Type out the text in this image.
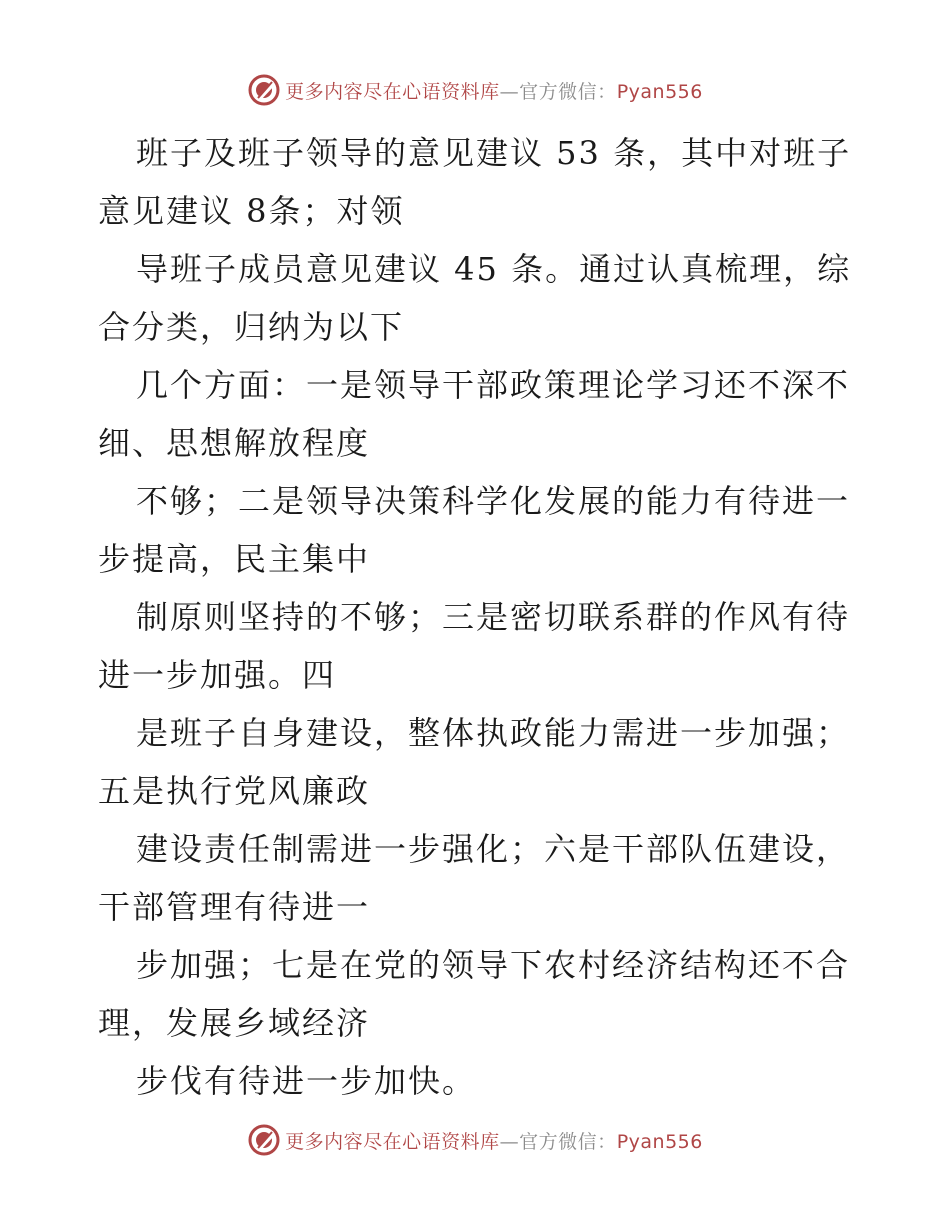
更多内容尽在心语资料库—官方微信：Pyan556

班子及班子领导的意见建议 53 条，其中对班子
意见建议 8条；对领

导班子成员意见建议 45 条。通过认真梳理，综
合分类，归纳为以下

几个方面：一是领导干部政策理论学习还不深不
细、思想解放程度

不够；二是领导决策科学化发展的能力有待进一
步提高，民主集中

制原则坚持的不够；三是密切联系群的作风有待
进一步加强。四

是班子自身建设，整体执政能力需进一步加强；
五是执行党风廉政

建设责任制需进一步强化；六是干部队伍建设，
干部管理有待进一

步加强；七是在党的领导下农村经济结构还不合
理，发展乡域经济

步伐有待进一步加快。

更多内容尽在心语资料库—官方微信：Pyan556
